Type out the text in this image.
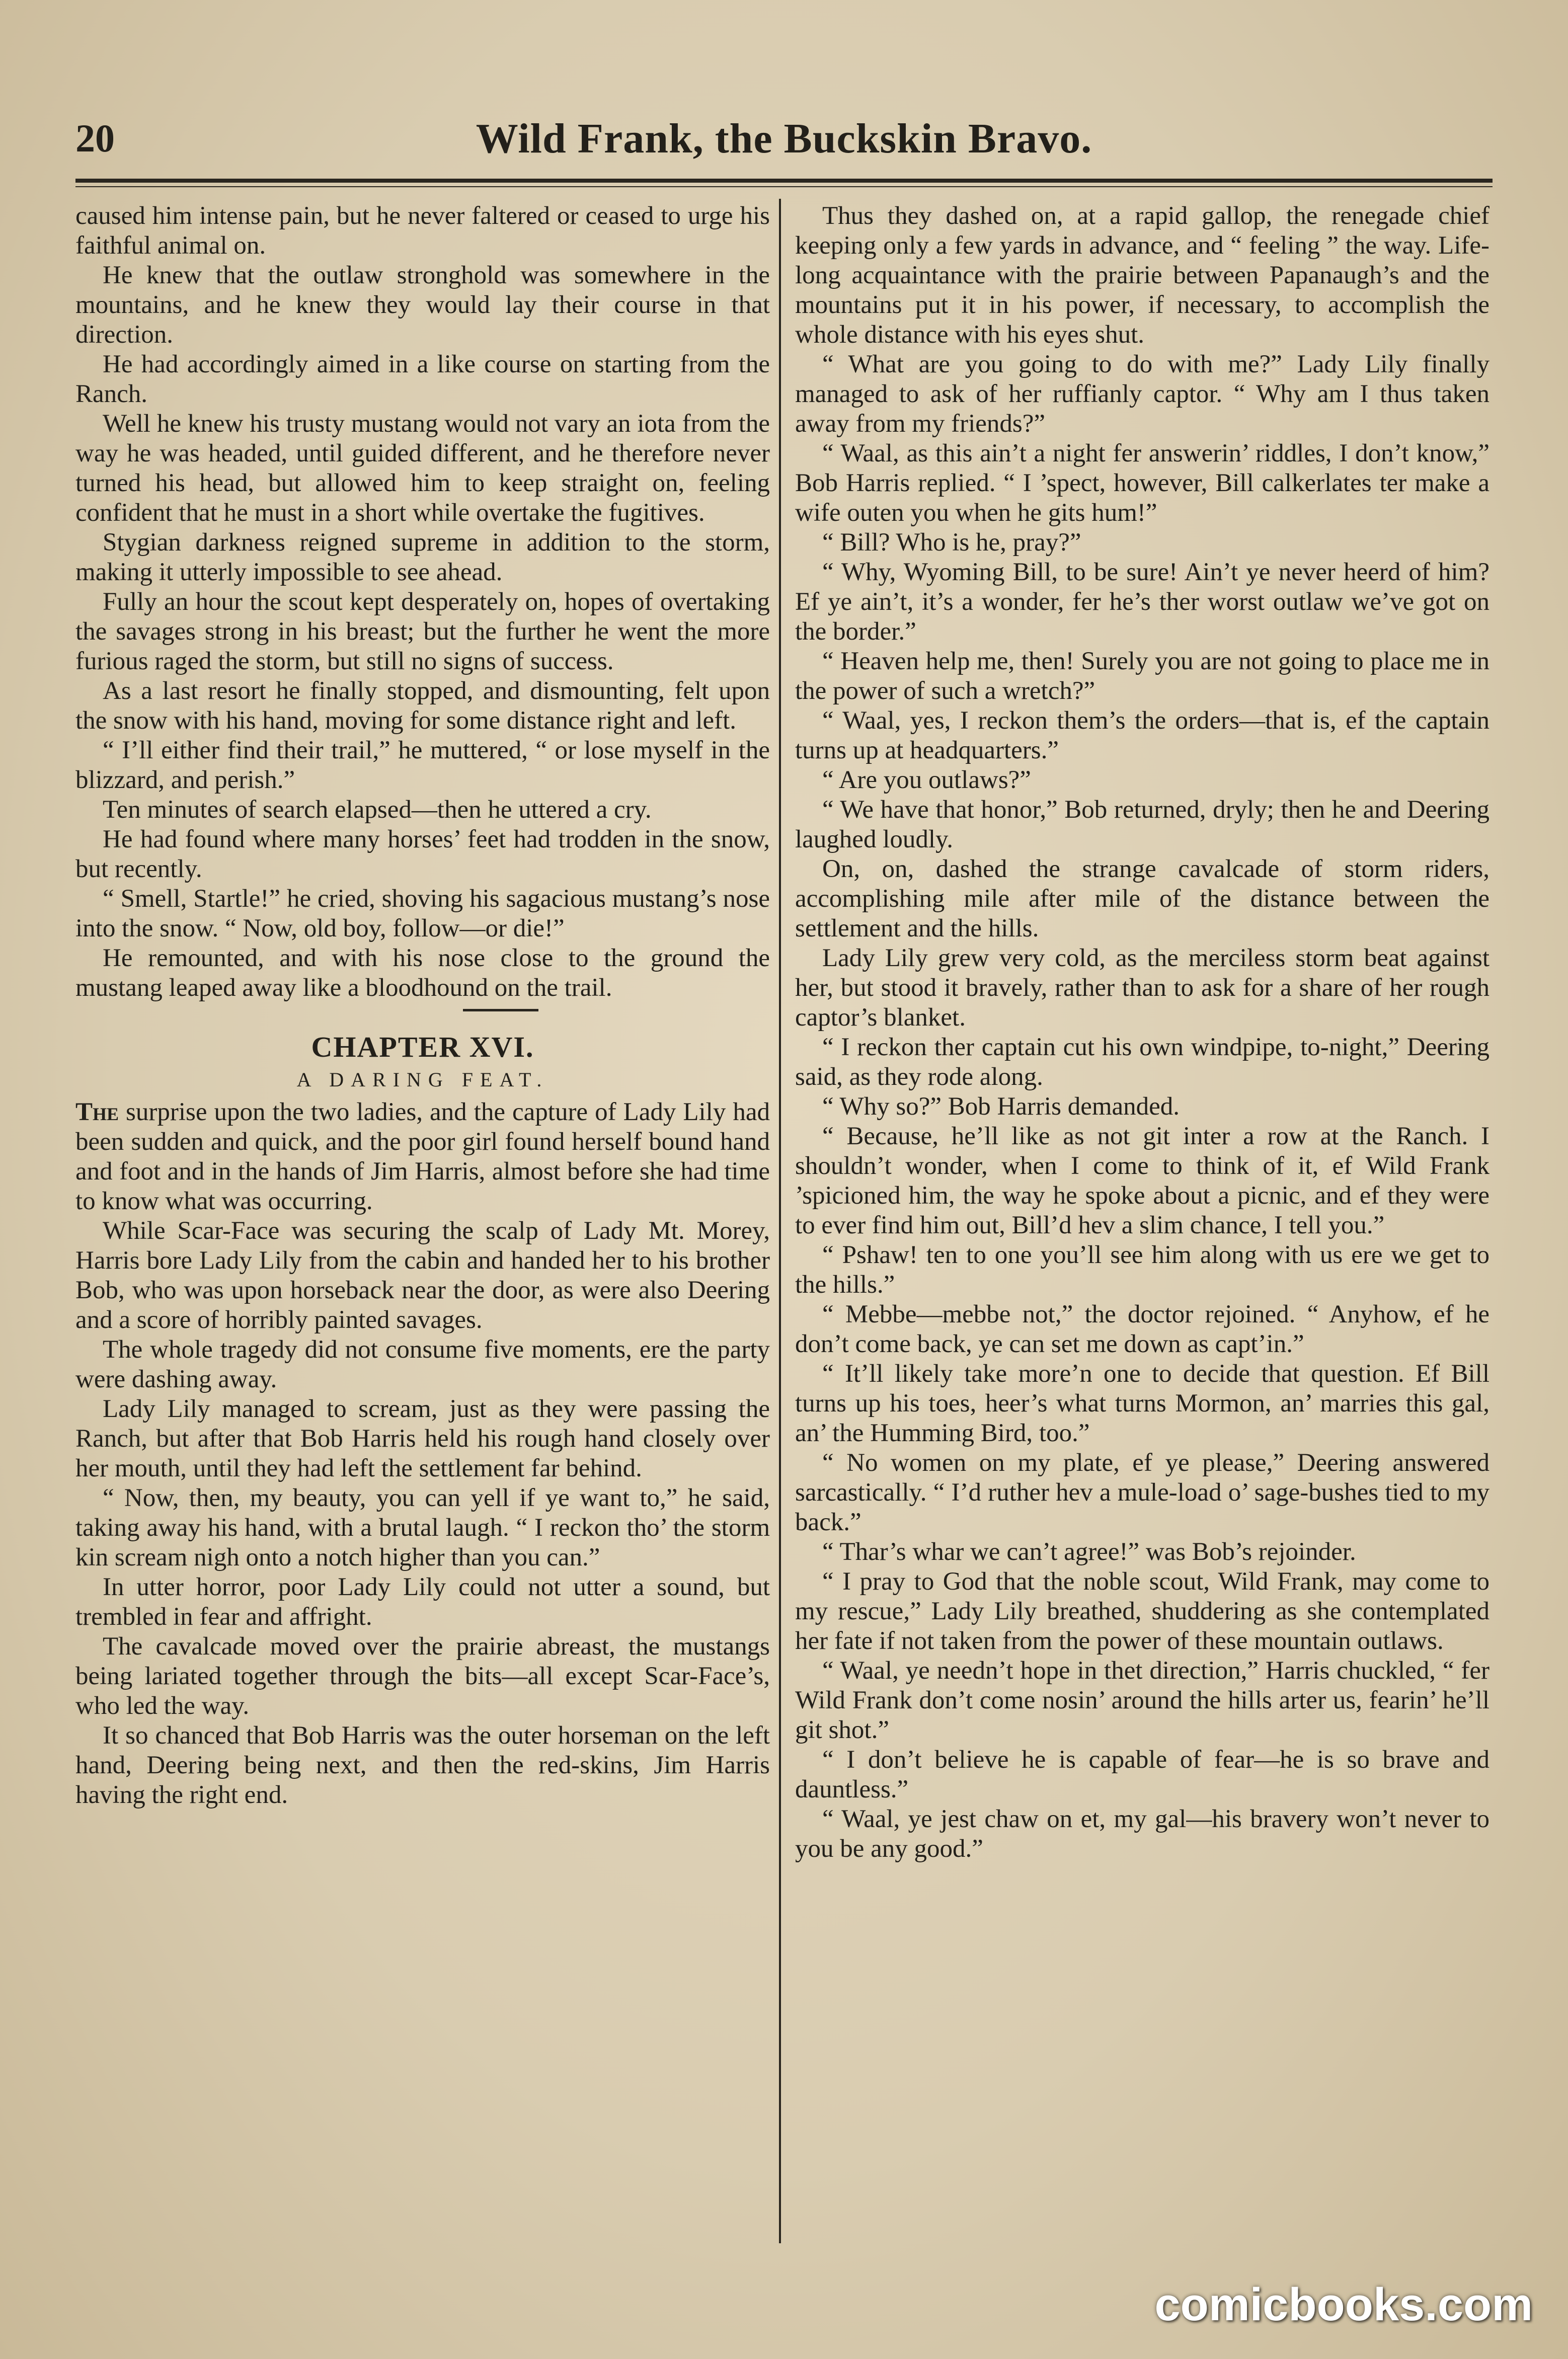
20	Wild Frank, the Buckskin Bravo.

caused him intense pain, but he never faltered or ceased to urge his faithful animal on.

He knew that the outlaw stronghold was somewhere in the mountains, and he knew they would lay their course in that direction.

He had accordingly aimed in a like course on starting from the Ranch.

Well he knew his trusty mustang would not vary an iota from the way he was headed, until guided different, and he therefore never turned his head, but allowed him to keep straight on, feeling confident that he must in a short while overtake the fugitives.

Stygian darkness reigned supreme in addition to the storm, making it utterly impossible to see ahead.

Fully an hour the scout kept desperately on, hopes of overtaking the savages strong in his breast; but the further he went the more furious raged the storm, but still no signs of success.

As a last resort he finally stopped, and dismounting, felt upon the snow with his hand, moving for some distance right and left.

“ I’ll either find their trail,” he muttered, “ or lose myself in the blizzard, and perish.”

Ten minutes of search elapsed—then he uttered a cry.

He had found where many horses’ feet had trodden in the snow, but recently.

“ Smell, Startle!” he cried, shoving his sagacious mustang’s nose into the snow. “ Now, old boy, follow—or die!”

He remounted, and with his nose close to the ground the mustang leaped away like a bloodhound on the trail.

CHAPTER XVI.
A DARING FEAT.

The surprise upon the two ladies, and the capture of Lady Lily had been sudden and quick, and the poor girl found herself bound hand and foot and in the hands of Jim Harris, almost before she had time to know what was occurring.

While Scar-Face was securing the scalp of Lady Mt. Morey, Harris bore Lady Lily from the cabin and handed her to his brother Bob, who was upon horseback near the door, as were also Deering and a score of horribly painted savages.

The whole tragedy did not consume five moments, ere the party were dashing away.

Lady Lily managed to scream, just as they were passing the Ranch, but after that Bob Harris held his rough hand closely over her mouth, until they had left the settlement far behind.

“ Now, then, my beauty, you can yell if ye want to,” he said, taking away his hand, with a brutal laugh. “ I reckon tho’ the storm kin scream nigh onto a notch higher than you can.”

In utter horror, poor Lady Lily could not utter a sound, but trembled in fear and affright.

The cavalcade moved over the prairie abreast, the mustangs being lariated together through the bits—all except Scar-Face’s, who led the way.

It so chanced that Bob Harris was the outer horseman on the left hand, Deering being next, and then the red-skins, Jim Harris having the right end.

Thus they dashed on, at a rapid gallop, the renegade chief keeping only a few yards in advance, and “ feeling ” the way. Life-long acquaintance with the prairie between Papanaugh’s and the mountains put it in his power, if necessary, to accomplish the whole distance with his eyes shut.

“ What are you going to do with me?” Lady Lily finally managed to ask of her ruffianly captor. “ Why am I thus taken away from my friends?”

“ Waal, as this ain’t a night fer answerin’ riddles, I don’t know,” Bob Harris replied. “ I ’spect, however, Bill calkerlates ter make a wife outen you when he gits hum!”

“ Bill? Who is he, pray?”

“ Why, Wyoming Bill, to be sure! Ain’t ye never heerd of him? Ef ye ain’t, it’s a wonder, fer he’s ther worst outlaw we’ve got on the border.”

“ Heaven help me, then! Surely you are not going to place me in the power of such a wretch?”

“ Waal, yes, I reckon them’s the orders—that is, ef the captain turns up at headquarters.”

“ Are you outlaws?”

“ We have that honor,” Bob returned, dryly; then he and Deering laughed loudly.

On, on, dashed the strange cavalcade of storm riders, accomplishing mile after mile of the distance between the settlement and the hills.

Lady Lily grew very cold, as the merciless storm beat against her, but stood it bravely, rather than to ask for a share of her rough captor’s blanket.

“ I reckon ther captain cut his own windpipe, to-night,” Deering said, as they rode along.

“ Why so?” Bob Harris demanded.

“ Because, he’ll like as not git inter a row at the Ranch. I shouldn’t wonder, when I come to think of it, ef Wild Frank ’spicioned him, the way he spoke about a picnic, and ef they were to ever find him out, Bill’d hev a slim chance, I tell you.”

“ Pshaw! ten to one you’ll see him along with us ere we get to the hills.”

“ Mebbe—mebbe not,” the doctor rejoined. “ Anyhow, ef he don’t come back, ye can set me down as capt’in.”

“ It’ll likely take more’n one to decide that question. Ef Bill turns up his toes, heer’s what turns Mormon, an’ marries this gal, an’ the Humming Bird, too.”

“ No women on my plate, ef ye please,” Deering answered sarcastically. “ I’d ruther hev a mule-load o’ sage-bushes tied to my back.”

“ Thar’s whar we can’t agree!” was Bob’s rejoinder.

“ I pray to God that the noble scout, Wild Frank, may come to my rescue,” Lady Lily breathed, shuddering as she contemplated her fate if not taken from the power of these mountain outlaws.

“ Waal, ye needn’t hope in thet direction,” Harris chuckled, “ fer Wild Frank don’t come nosin’ around the hills arter us, fearin’ he’ll git shot.”

“ I don’t believe he is capable of fear—he is so brave and dauntless.”

“ Waal, ye jest chaw on et, my gal—his bravery won’t never to you be any good.”

comicbooks.com
